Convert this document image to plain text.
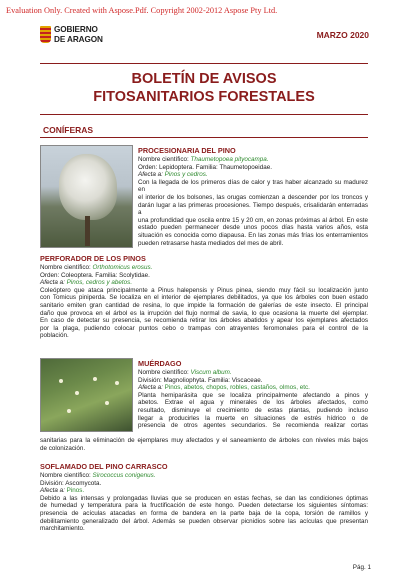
Evaluation Only. Created with Aspose.Pdf. Copyright 2002-2012 Aspose Pty Ltd.
GOBIERNO
DE ARAGON	MARZO 2020
BOLETÍN DE AVISOS
FITOSANITARIOS FORESTALES
CONÍFERAS
PROCESIONARIA DEL PINO
Nombre científico: Thaumetopoea pityocampa.
Orden: Lepidoptera. Familia: Thaumetopoeidae.
Afecta a: Pinos y cedros.
Con la llegada de los primeros días de calor y tras haber alcanzado su madurez en
el interior de los bolsones, las orugas comienzan a descender por los troncos y
darán lugar a las primeras procesiones. Tiempo después, crisalidarán enterradas a
una profundidad que oscila entre 15 y 20 cm, en zonas próximas al árbol. En este
estado pueden permanecer desde unos pocos días hasta varios años, esta
situación es conocida como diapausa. En las zonas más frías los enterramientos
pueden retrasarse hasta mediados del mes de abril.
PERFORADOR DE LOS PINOS
Nombre científico: Orthotomicus erosus.
Orden: Coleoptera. Familia: Scolytidae.
Afecta a: Pinos, cedros y abetos.
Coleóptero que ataca principalmente a Pinus halepensis y Pinus pinea, siendo muy fácil su localización junto
con Tomicus piniperda. Se localiza en el interior de ejemplares debilitados, ya que los árboles con buen estado
sanitario emiten gran cantidad de resina, lo que impide la formación de galerías de este insecto. El principal
daño que provoca en el árbol es la irrupción del flujo normal de savia, lo que ocasiona la muerte del ejemplar.
En caso de detectar su presencia, se recomienda retirar los árboles abatidos y apear los ejemplares afectados
por la plaga, pudiendo colocar puntos cebo o trampas con atrayentes feromonales para el control de la
población.
MUÉRDAGO
Nombre científico: Viscum album.
División: Magnoliophyta. Familia: Viscaceae.
Afecta a: Pinos, abetos, chopos, robles, castaños, olmos, etc.
Planta hemiparásita que se localiza principalmente afectando a pinos y
abetos. Extrae el agua y minerales de los árboles afectados, como
resultado, disminuye el crecimiento de estas plantas, pudiendo incluso
llegar a producirles la muerte en situaciones de estrés hídrico o de
presencia de otros agentes secundarios. Se recomienda realizar cortas
sanitarias para la eliminación de ejemplares muy afectados y el saneamiento de árboles con niveles más bajos
de colonización.
SOFLAMADO DEL PINO CARRASCO
Nombre científico: Sirococcus conigenus.
División: Ascomycota.
Afecta a: Pinos.
Debido a las intensas y prolongadas lluvias que se producen en estas fechas, se dan las condiciones óptimas
de humedad y temperatura para la fructificación de este hongo. Pueden detectarse los siguientes síntomas:
presencia de acículas atacadas en forma de bandera en la parte baja de la copa, torsión de ramillos y
debilitamiento generalizado del árbol. Además se pueden observar picnidios sobre las acículas que presentan
marchitamiento.
Pág. 1
